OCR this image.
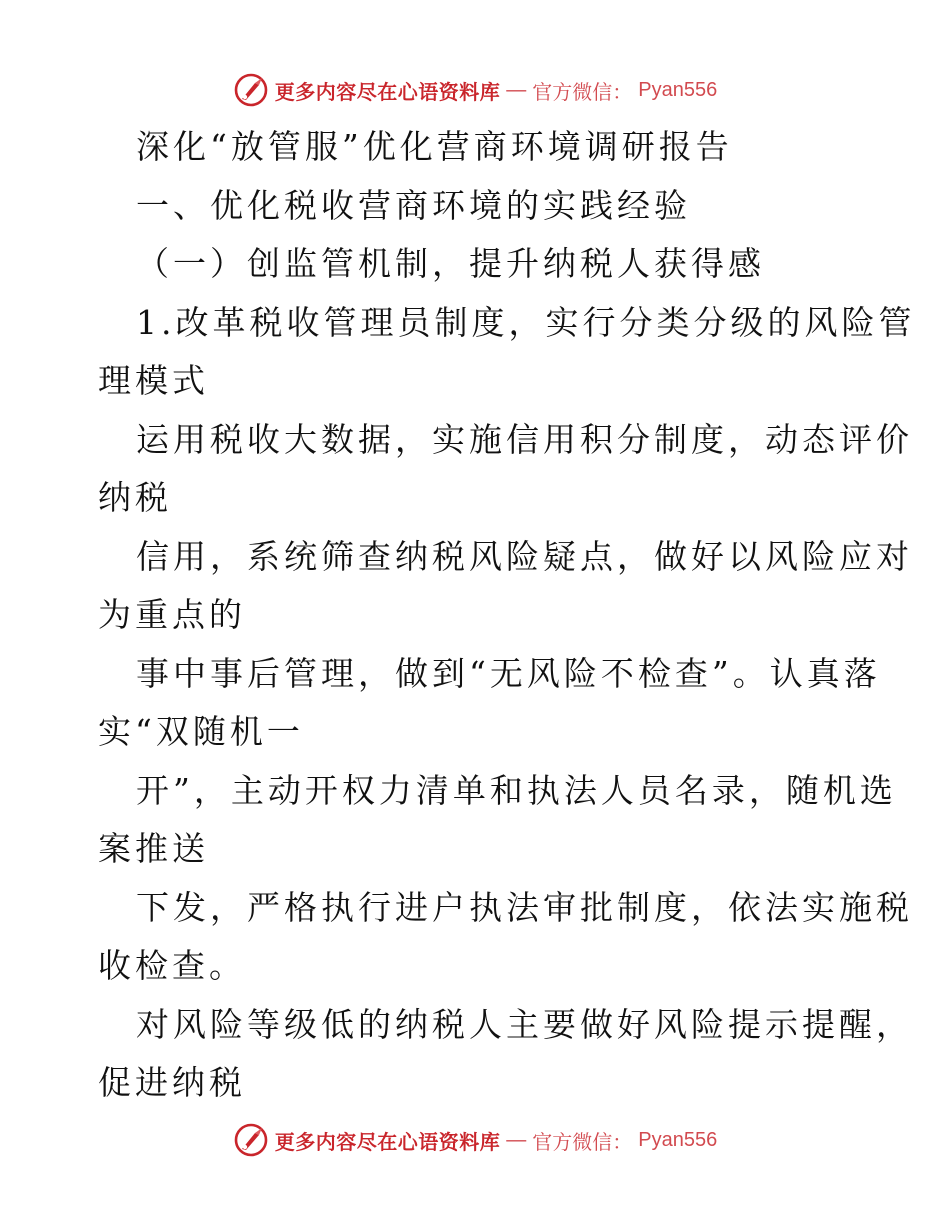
更多内容尽在心语资料库 — 官方微信： Pyan556
深化“放管服”优化营商环境调研报告
一、优化税收营商环境的实践经验
（一）创监管机制，提升纳税人获得感
1.改革税收管理员制度，实行分类分级的风险管
理模式
运用税收大数据，实施信用积分制度，动态评价
纳税
信用，系统筛查纳税风险疑点，做好以风险应对
为重点的
事中事后管理，做到“无风险不检查”。认真落
实“双随机一
开”，主动开权力清单和执法人员名录，随机选
案推送
下发，严格执行进户执法审批制度，依法实施税
收检查。
对风险等级低的纳税人主要做好风险提示提醒，
促进纳税
更多内容尽在心语资料库 — 官方微信： Pyan556
